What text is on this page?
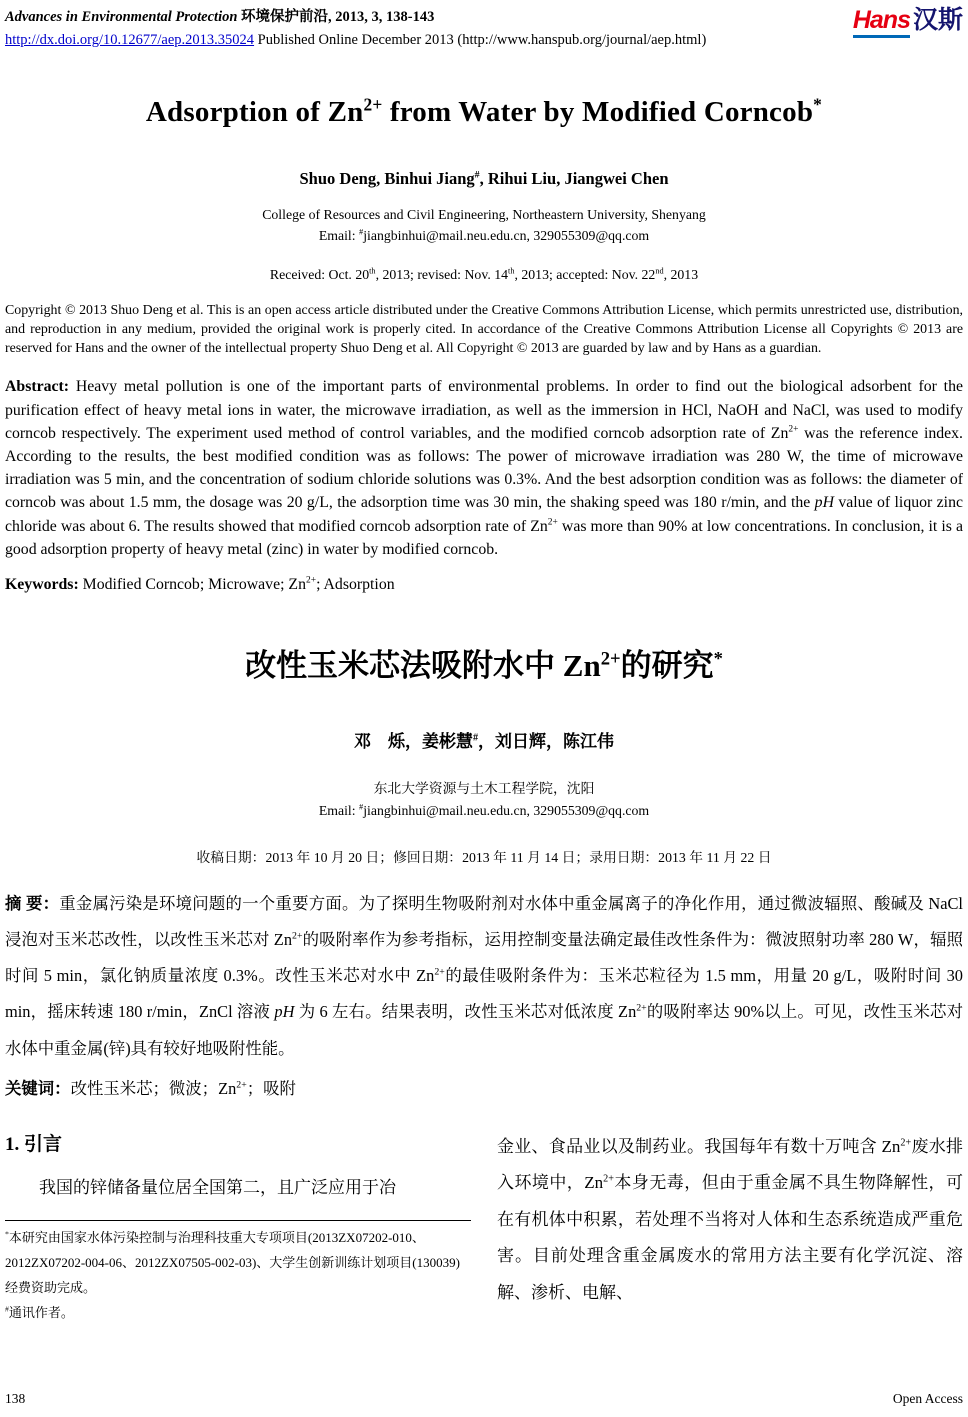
Advances in Environmental Protection 环境保护前沿, 2013, 3, 138-143
http://dx.doi.org/10.12677/aep.2013.35024 Published Online December 2013 (http://www.hanspub.org/journal/aep.html)
Hans 汉斯
Adsorption of $Zn^{2+}$ from Water by Modified Corncob*
Shuo Deng, Binhui Jiang#, Rihui Liu, Jiangwei Chen
College of Resources and Civil Engineering, Northeastern University, Shenyang
Email: #jiangbinhui@mail.neu.edu.cn, 329055309@qq.com
Received: Oct. 20th, 2013; revised: Nov. 14th, 2013; accepted: Nov. 22nd, 2013
Copyright © 2013 Shuo Deng et al. This is an open access article distributed under the Creative Commons Attribution License, which permits unrestricted use, distribution, and reproduction in any medium, provided the original work is properly cited. In accordance of the Creative Commons Attribution License all Copyrights © 2013 are reserved for Hans and the owner of the intellectual property Shuo Deng et al. All Copyright © 2013 are guarded by law and by Hans as a guardian.
Abstract: Heavy metal pollution is one of the important parts of environmental problems. In order to find out the biological adsorbent for the purification effect of heavy metal ions in water, the microwave irradiation, as well as the immersion in HCl, NaOH and NaCl, was used to modify corncob respectively. The experiment used method of control variables, and the modified corncob adsorption rate of $Zn^{2+}$ was the reference index. According to the results, the best modified condition was as follows: The power of microwave irradiation was 280 W, the time of microwave irradiation was 5 min, and the concentration of sodium chloride solutions was 0.3%. And the best adsorption condition was as follows: the diameter of corncob was about 1.5 mm, the dosage was 20 g/L, the adsorption time was 30 min, the shaking speed was 180 r/min, and the pH value of liquor zinc chloride was about 6. The results showed that modified corncob adsorption rate of $Zn^{2+}$ was more than 90% at low concentrations. In conclusion, it is a good adsorption property of heavy metal (zinc) in water by modified corncob.
Keywords: Modified Corncob; Microwave; $Zn^{2+}$; Adsorption
改性玉米芯法吸附水中 $Zn^{2+}$的研究*
邓　烁，姜彬慧#，刘日辉，陈江伟
东北大学资源与土木工程学院，沈阳
Email: #jiangbinhui@mail.neu.edu.cn, 329055309@qq.com
收稿日期：2013 年 10 月 20 日；修回日期：2013 年 11 月 14 日；录用日期：2013 年 11 月 22 日
摘 要：重金属污染是环境问题的一个重要方面。为了探明生物吸附剂对水体中重金属离子的净化作用，通过微波辐照、酸碱及 NaCl 浸泡对玉米芯改性，以改性玉米芯对 $Zn^{2+}$的吸附率作为参考指标，运用控制变量法确定最佳改性条件为：微波照射功率 280 W，辐照时间 5 min，氯化钠质量浓度 0.3%。改性玉米芯对水中 $Zn^{2+}$的最佳吸附条件为：玉米芯粒径为 1.5 mm，用量 20 g/L，吸附时间 30 min，摇床转速 180 r/min，ZnCl 溶液 pH 为 6 左右。结果表明，改性玉米芯对低浓度 $Zn^{2+}$的吸附率达 90%以上。可见，改性玉米芯对水体中重金属(锌)具有较好地吸附性能。
关键词：改性玉米芯；微波；$Zn^{2+}$；吸附
1. 引言

我国的锌储备量位居全国第二，且广泛应用于冶

*本研究由国家水体污染控制与治理科技重大专项项目(2013ZX07202-010、2012ZX07202-004-06、2012ZX07505-002-03)、大学生创新训练计划项目(130039)经费资助完成。

#通讯作者。

金业、食品业以及制药业。我国每年有数十万吨含 $Zn^{2+}$废水排入环境中，$Zn^{2+}$本身无毒，但由于重金属不具生物降解性，可在有机体中积累，若处理不当将对人体和生态系统造成严重危害。目前处理含重金属废水的常用方法主要有化学沉淀、溶解、渗析、电解、

138	Open Access
